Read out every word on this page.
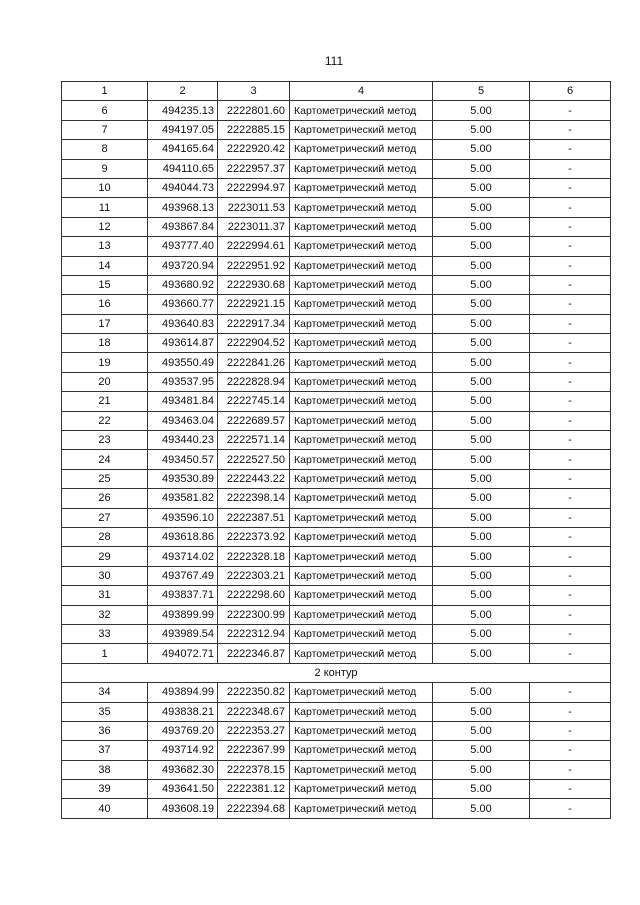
111
1	2	3	4	5	6
6	494235.13	2222801.60	Картометрический метод	5.00	-
7	494197.05	2222885.15	Картометрический метод	5.00	-
8	494165.64	2222920.42	Картометрический метод	5.00	-
9	494110.65	2222957.37	Картометрический метод	5.00	-
10	494044.73	2222994.97	Картометрический метод	5.00	-
11	493968.13	2223011.53	Картометрический метод	5.00	-
12	493867.84	2223011.37	Картометрический метод	5.00	-
13	493777.40	2222994.61	Картометрический метод	5.00	-
14	493720.94	2222951.92	Картометрический метод	5.00	-
15	493680.92	2222930.68	Картометрический метод	5.00	-
16	493660.77	2222921.15	Картометрический метод	5.00	-
17	493640.83	2222917.34	Картометрический метод	5.00	-
18	493614.87	2222904.52	Картометрический метод	5.00	-
19	493550.49	2222841.26	Картометрический метод	5.00	-
20	493537.95	2222828.94	Картометрический метод	5.00	-
21	493481.84	2222745.14	Картометрический метод	5.00	-
22	493463.04	2222689.57	Картометрический метод	5.00	-
23	493440.23	2222571.14	Картометрический метод	5.00	-
24	493450.57	2222527.50	Картометрический метод	5.00	-
25	493530.89	2222443.22	Картометрический метод	5.00	-
26	493581.82	2222398.14	Картометрический метод	5.00	-
27	493596.10	2222387.51	Картометрический метод	5.00	-
28	493618.86	2222373.92	Картометрический метод	5.00	-
29	493714.02	2222328.18	Картометрический метод	5.00	-
30	493767.49	2222303.21	Картометрический метод	5.00	-
31	493837.71	2222298.60	Картометрический метод	5.00	-
32	493899.99	2222300.99	Картометрический метод	5.00	-
33	493989.54	2222312.94	Картометрический метод	5.00	-
1	494072.71	2222346.87	Картометрический метод	5.00	-
2 контур					
34	493894.99	2222350.82	Картометрический метод	5.00	-
35	493838.21	2222348.67	Картометрический метод	5.00	-
36	493769.20	2222353.27	Картометрический метод	5.00	-
37	493714.92	2222367.99	Картометрический метод	5.00	-
38	493682.30	2222378.15	Картометрический метод	5.00	-
39	493641.50	2222381.12	Картометрический метод	5.00	-
40	493608.19	2222394.68	Картометрический метод	5.00	-
